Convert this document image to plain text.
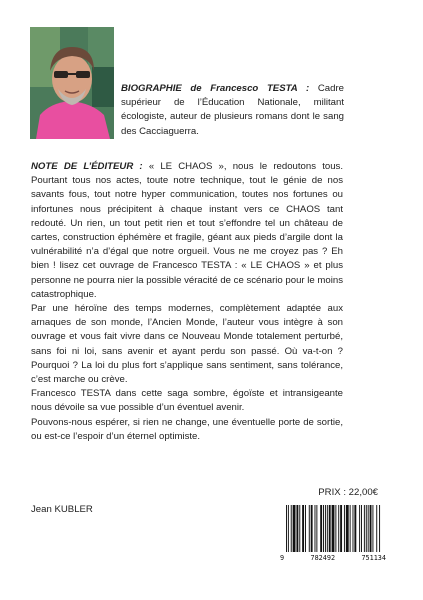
BIOGRAPHIE de Francesco TESTA : Cadre supérieur de l’Éducation Nationale, militant écologiste, auteur de plusieurs romans dont le sang des Cacciaguerra.

NOTE DE L’ÉDITEUR : « LE CHAOS », nous le redoutons tous. Pourtant tous nos actes, toute notre technique, tout le génie de nos savants fous, tout notre hyper communication, toutes nos fortunes ou infortunes nous précipitent à chaque instant vers ce CHAOS tant redouté. Un rien, un tout petit rien et tout s’effondre tel un château de cartes, construction éphémère et fragile, géant aux pieds d’argile dont la vulnérabilité n’a d’égal que notre orgueil. Vous ne me croyez pas ? Eh bien ! lisez cet ouvrage de Francesco TESTA : « LE CHAOS » et plus personne ne pourra nier la possible véracité de ce scénario pour le moins catastrophique.

Par une héroïne des temps modernes, complètement adaptée aux arnaques de son monde, l’Ancien Monde, l’auteur vous intègre à son ouvrage et vous fait vivre dans ce Nouveau Monde totalement perturbé, sans foi ni loi, sans avenir et ayant perdu son passé. Où va-t-on ? Pourquoi ? La loi du plus fort s’applique sans sentiment, sans tolérance, c’est marche ou crève.

Francesco TESTA dans cette saga sombre, égoïste et intransigeante nous dévoile sa vue possible d’un éventuel avenir.

Pouvons-nous espérer, si rien ne change, une éventuelle porte de sortie, ou est-ce l’espoir d’un éternel optimiste.

Jean KUBLER

PRIX : 22,00€
9	782492	751134
